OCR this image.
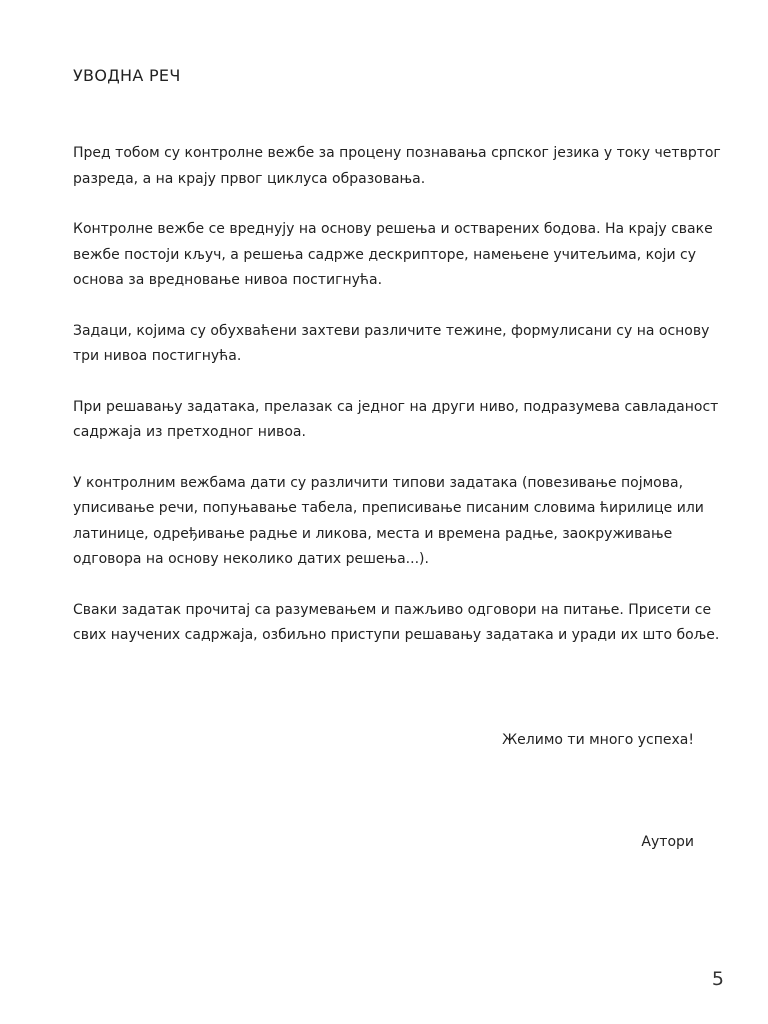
УВОДНА РЕЧ

Пред тобом су контролне вежбе за процену познавања српског језика у току четвртог
разреда, а на крају првог циклуса образовања.

Контролне вежбе се вреднују на основу решења и остварених бодова. На крају сваке
вежбе постоји кључ, а решења садрже дескрипторе, намењене учитељима, који су
основа за вредновање нивоа постигнућа.

Задаци, којима су обухваћени захтеви различите тежине, формулисани су на основу
три нивоа постигнућа.

При решавању задатака, прелазак са једног на други ниво, подразумева савладаност
садржаја из претходног нивоа.

У контролним вежбама дати су различити типови задатака (повезивање појмова,
уписивање речи, попуњавање табела, преписивање писаним словима ћирилице или
латинице, одређивање радње и ликова, места и времена радње, заокруживање
одговора на основу неколико датих решења...).

Сваки задатак прочитај са разумевањем и пажљиво одговори на питање. Присети се
свих научених садржаја, озбиљно приступи решавању задатака и уради их што боље.

Желимо ти много успеха!

Аутори

5
